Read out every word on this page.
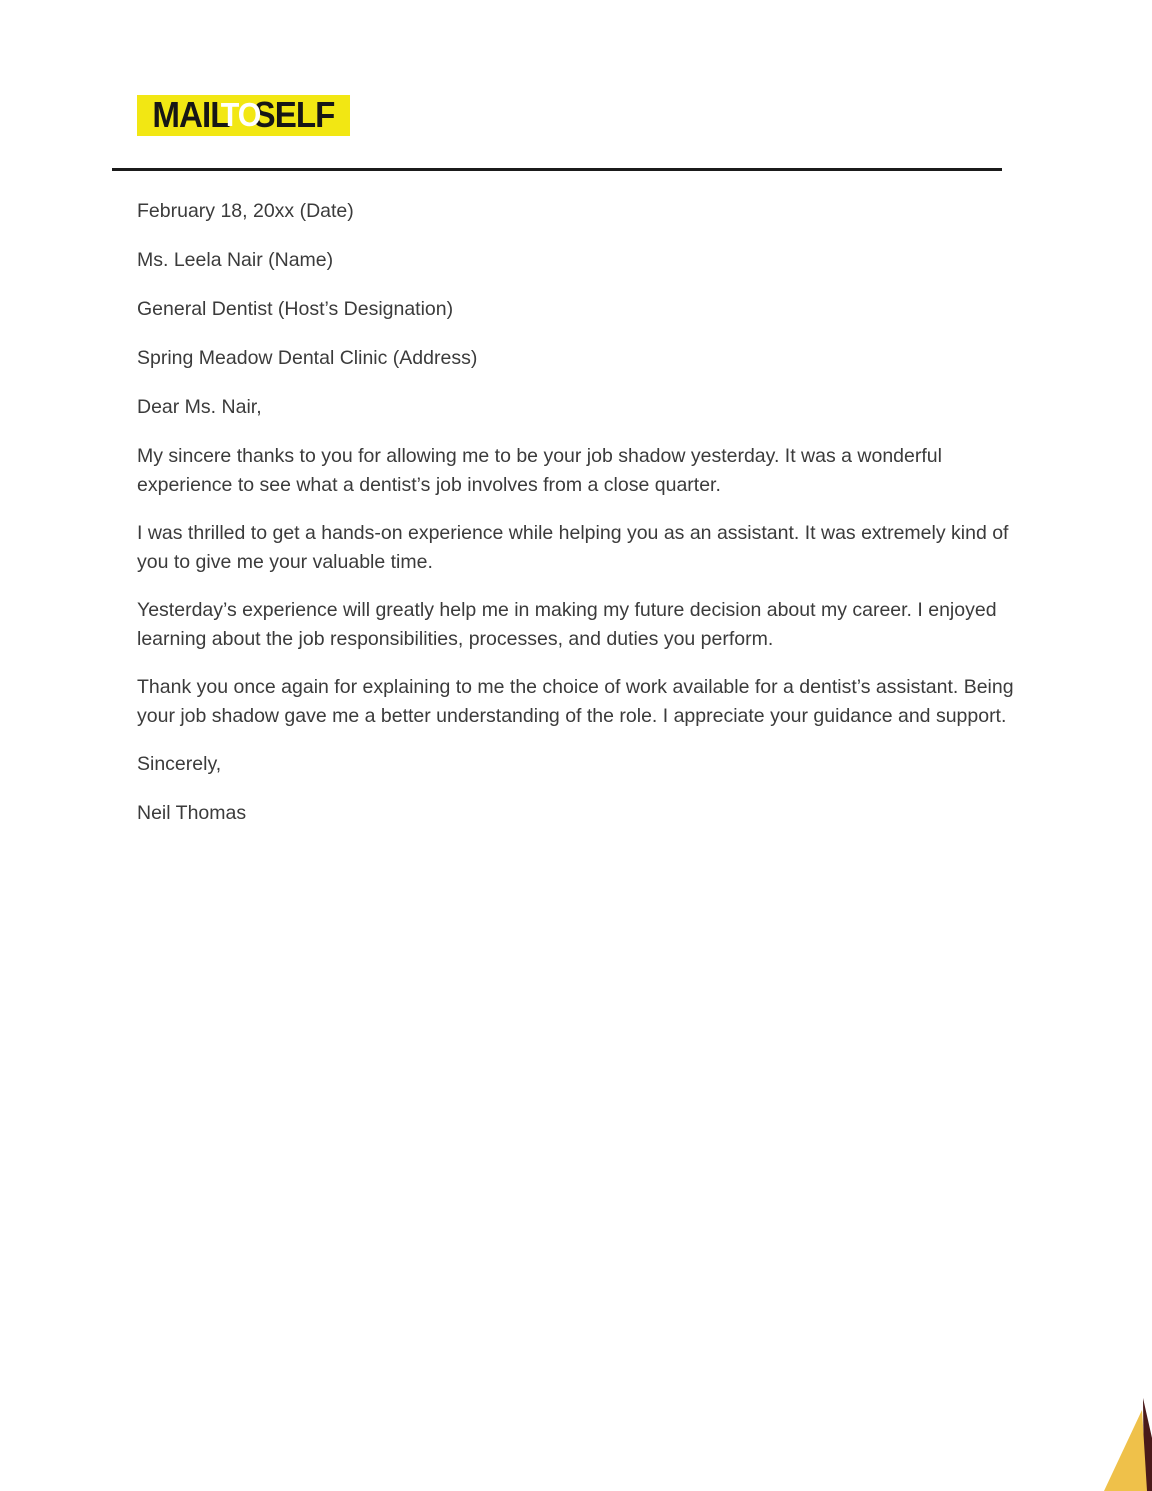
MAIL
TO
SELF
February 18, 20xx (Date)
Ms. Leela Nair (Name)
General Dentist (Host’s Designation)
Spring Meadow Dental Clinic (Address)
Dear Ms. Nair,
My sincere thanks to you for allowing me to be your job shadow yesterday. It was a wonderful experience to see what a dentist’s job involves from a close quarter.
I was thrilled to get a hands-on experience while helping you as an assistant. It was extremely kind of you to give me your valuable time.
Yesterday’s experience will greatly help me in making my future decision about my career. I enjoyed learning about the job responsibilities, processes, and duties you perform.
Thank you once again for explaining to me the choice of work available for a dentist’s assistant. Being your job shadow gave me a better understanding of the role. I appreciate your guidance and support.
Sincerely,
Neil Thomas
